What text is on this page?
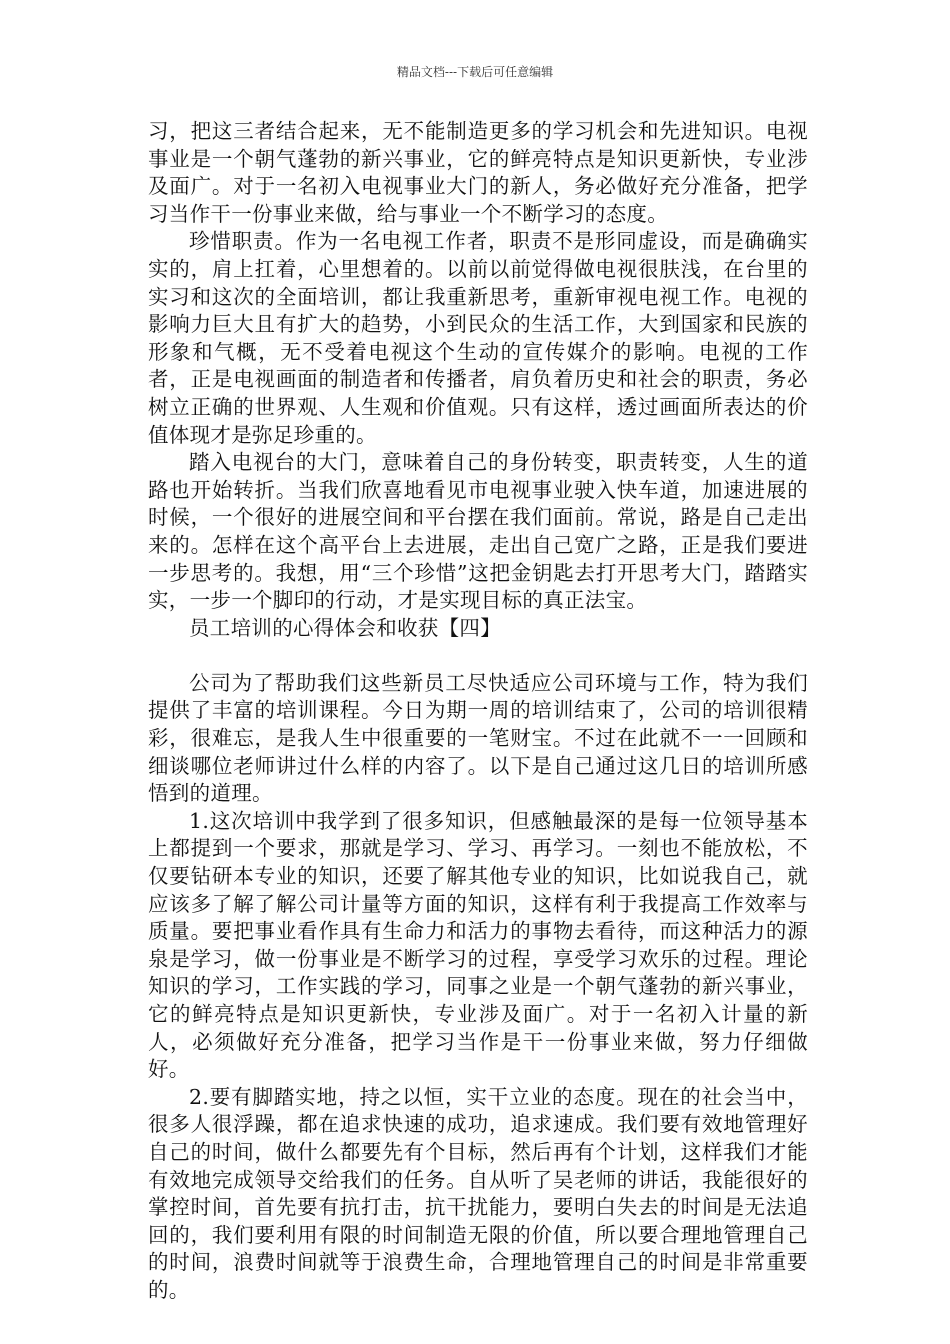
精品文档---下载后可任意编辑

习，把这三者结合起来，无不能制造更多的学习机会和先进知识。电视事业是一个朝气蓬勃的新兴事业，它的鲜亮特点是知识更新快，专业涉及面广。对于一名初入电视事业大门的新人，务必做好充分准备，把学习当作干一份事业来做，给与事业一个不断学习的态度。

珍惜职责。作为一名电视工作者，职责不是形同虚设，而是确确实实的，肩上扛着，心里想着的。以前以前觉得做电视很肤浅，在台里的实习和这次的全面培训，都让我重新思考，重新审视电视工作。电视的影响力巨大且有扩大的趋势，小到民众的生活工作，大到国家和民族的形象和气概，无不受着电视这个生动的宣传媒介的影响。电视的工作者，正是电视画面的制造者和传播者，肩负着历史和社会的职责，务必树立正确的世界观、人生观和价值观。只有这样，透过画面所表达的价值体现才是弥足珍重的。

踏入电视台的大门，意味着自己的身份转变，职责转变，人生的道路也开始转折。当我们欣喜地看见市电视事业驶入快车道，加速进展的时候，一个很好的进展空间和平台摆在我们面前。常说，路是自己走出来的。怎样在这个高平台上去进展，走出自己宽广之路，正是我们要进一步思考的。我想，用“三个珍惜”这把金钥匙去打开思考大门，踏踏实实，一步一个脚印的行动，才是实现目标的真正法宝。

员工培训的心得体会和收获【四】

公司为了帮助我们这些新员工尽快适应公司环境与工作，特为我们提供了丰富的培训课程。今日为期一周的培训结束了，公司的培训很精彩，很难忘，是我人生中很重要的一笔财宝。不过在此就不一一回顾和细谈哪位老师讲过什么样的内容了。以下是自己通过这几日的培训所感悟到的道理。

1.这次培训中我学到了很多知识，但感触最深的是每一位领导基本上都提到一个要求，那就是学习、学习、再学习。一刻也不能放松，不仅要钻研本专业的知识，还要了解其他专业的知识，比如说我自己，就应该多了解了解公司计量等方面的知识，这样有利于我提高工作效率与质量。要把事业看作具有生命力和活力的事物去看待，而这种活力的源泉是学习，做一份事业是不断学习的过程，享受学习欢乐的过程。理论知识的学习，工作实践的学习，同事之业是一个朝气蓬勃的新兴事业，它的鲜亮特点是知识更新快，专业涉及面广。对于一名初入计量的新人，必须做好充分准备，把学习当作是干一份事业来做，努力仔细做好。

2.要有脚踏实地，持之以恒，实干立业的态度。现在的社会当中，很多人很浮躁，都在追求快速的成功，追求速成。我们要有效地管理好自己的时间，做什么都要先有个目标，然后再有个计划，这样我们才能有效地完成领导交给我们的任务。自从听了吴老师的讲话，我能很好的掌控时间，首先要有抗打击，抗干扰能力，要明白失去的时间是无法追回的，我们要利用有限的时间制造无限的价值，所以要合理地管理自己的时间，浪费时间就等于浪费生命，合理地管理自己的时间是非常重要的。
